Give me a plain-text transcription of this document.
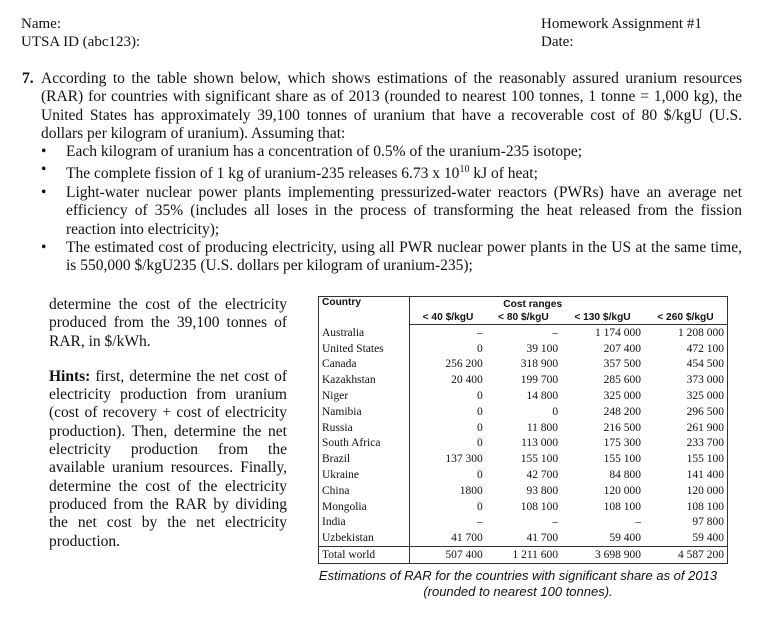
Name:
UTSA ID (abc123):
Homework Assignment #1
Date:
7. According to the table shown below, which shows estimations of the reasonably assured uranium resources (RAR) for countries with significant share as of 2013 (rounded to nearest 100 tonnes, 1 tonne = 1,000 kg), the United States has approximately 39,100 tonnes of uranium that have a recoverable cost of 80 $/kgU (U.S. dollars per kilogram of uranium). Assuming that:
• Each kilogram of uranium has a concentration of 0.5% of the uranium-235 isotope;
• The complete fission of 1 kg of uranium-235 releases 6.73 x $10^{10}$ kJ of heat;
• Light-water nuclear power plants implementing pressurized-water reactors (PWRs) have an average net efficiency of 35% (includes all loses in the process of transforming the heat released from the fission reaction into electricity);
• The estimated cost of producing electricity, using all PWR nuclear power plants in the US at the same time, is 550,000 $/kgU235 (U.S. dollars per kilogram of uranium-235);

determine the cost of the electricity produced from the 39,100 tonnes of RAR, in $/kWh.

Hints: first, determine the net cost of electricity production from uranium (cost of recovery + cost of electricity production). Then, determine the net electricity production from the available uranium resources. Finally, determine the cost of the electricity produced from the RAR by dividing the net cost by the net electricity production.

Country	Cost ranges			
	< 40 $/kgU	< 80 $/kgU	< 130 $/kgU	< 260 $/kgU
Australia	–	–	1 174 000	1 208 000
United States	0	39 100	207 400	472 100
Canada	256 200	318 900	357 500	454 500
Kazakhstan	20 400	199 700	285 600	373 000
Niger	0	14 800	325 000	325 000
Namibia	0	0	248 200	296 500
Russia	0	11 800	216 500	261 900
South Africa	0	113 000	175 300	233 700
Brazil	137 300	155 100	155 100	155 100
Ukraine	0	42 700	84 800	141 400
China	1800	93 800	120 000	120 000
Mongolia	0	108 100	108 100	108 100
India	–	–	–	97 800
Uzbekistan	41 700	41 700	59 400	59 400
Total world	507 400	1 211 600	3 698 900	4 587 200
Estimations of RAR for the countries with significant share as of 2013 (rounded to nearest 100 tonnes).
